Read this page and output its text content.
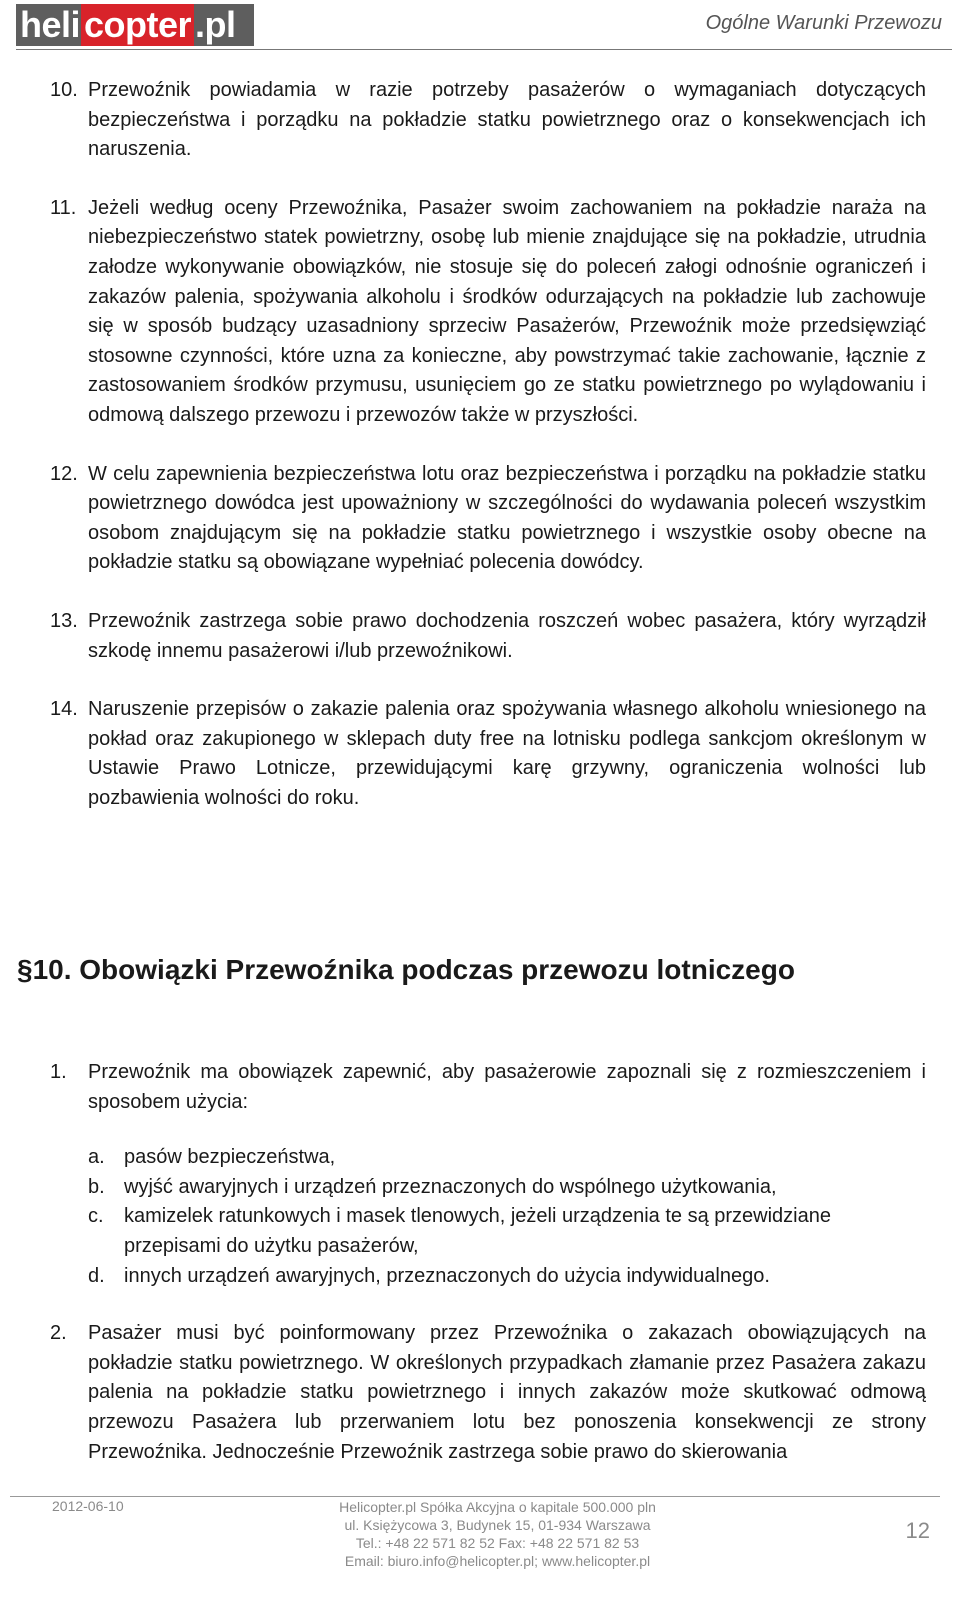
heli copter .pl	Ogólne Warunki Przewozu
10. Przewoźnik powiadamia w razie potrzeby pasażerów o wymaganiach dotyczących bezpieczeństwa i porządku na pokładzie statku powietrznego oraz o konsekwencjach ich naruszenia.
11. Jeżeli według oceny Przewoźnika, Pasażer swoim zachowaniem na pokładzie naraża na niebezpieczeństwo statek powietrzny, osobę lub mienie znajdujące się na pokładzie, utrudnia załodze wykonywanie obowiązków, nie stosuje się do poleceń załogi odnośnie ograniczeń i zakazów palenia, spożywania alkoholu i środków odurzających na pokładzie lub zachowuje się w sposób budzący uzasadniony sprzeciw Pasażerów, Przewoźnik może przedsięwziąć stosowne czynności, które uzna za konieczne, aby powstrzymać takie zachowanie, łącznie z zastosowaniem środków przymusu, usunięciem go ze statku powietrznego po wylądowaniu i odmową dalszego przewozu i przewozów także w przyszłości.
12. W celu zapewnienia bezpieczeństwa lotu oraz bezpieczeństwa i porządku na pokładzie statku powietrznego dowódca jest upoważniony w szczególności do wydawania poleceń wszystkim osobom znajdującym się na pokładzie statku powietrznego i wszystkie osoby obecne na pokładzie statku są obowiązane wypełniać polecenia dowódcy.
13. Przewoźnik zastrzega sobie prawo dochodzenia roszczeń wobec pasażera, który wyrządził szkodę innemu pasażerowi i/lub przewoźnikowi.
14. Naruszenie przepisów o zakazie palenia oraz spożywania własnego alkoholu wniesionego na pokład oraz zakupionego w sklepach duty free na lotnisku podlega sankcjom określonym w Ustawie Prawo Lotnicze, przewidującymi karę grzywny, ograniczenia wolności lub pozbawienia wolności do roku.
§10. Obowiązki Przewoźnika podczas przewozu lotniczego
1.	Przewoźnik ma obowiązek zapewnić, aby pasażerowie zapoznali się z rozmieszczeniem i sposobem użycia:
a. pasów bezpieczeństwa,
b. wyjść awaryjnych i urządzeń przeznaczonych do wspólnego użytkowania,
c.	kamizelek ratunkowych i masek tlenowych, jeżeli urządzenia te są przewidziane przepisami do użytku pasażerów,
d. innych urządzeń awaryjnych, przeznaczonych do użycia indywidualnego.
2.	Pasażer musi być poinformowany przez Przewoźnika o zakazach obowiązujących na pokładzie statku powietrznego. W określonych przypadkach złamanie przez Pasażera zakazu palenia na pokładzie statku powietrznego i innych zakazów może skutkować odmową przewozu Pasażera lub przerwaniem lotu bez ponoszenia konsekwencji ze strony Przewoźnika. Jednocześnie Przewoźnik zastrzega sobie prawo do skierowania
2012-06-10	Helicopter.pl Spółka Akcyjna o kapitale 500.000 pln
ul. Księżycowa 3, Budynek 15, 01-934 Warszawa
Tel.: +48 22 571 82 52 Fax: +48 22 571 82 53
Email: biuro.info@helicopter.pl; www.helicopter.pl
12
